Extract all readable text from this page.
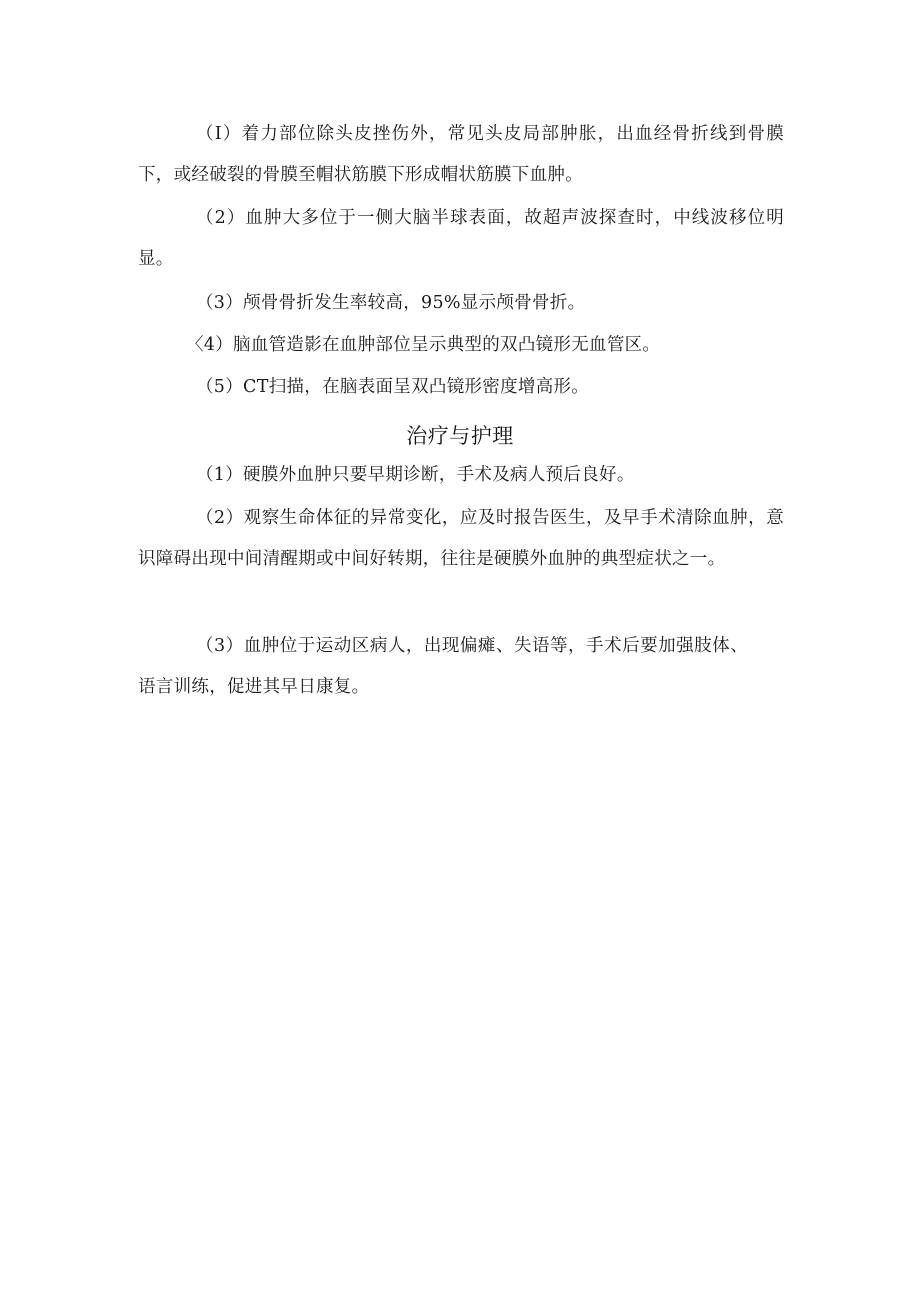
（I）着力部位除头皮挫伤外，常见头皮局部肿胀，出血经骨折线到骨膜下，或经破裂的骨膜至帽状筋膜下形成帽状筋膜下血肿。

（2）血肿大多位于一侧大脑半球表面，故超声波探查时，中线波移位明显。

（3）颅骨骨折发生率较高，95%显示颅骨骨折。

〈4）脑血管造影在血肿部位呈示典型的双凸镜形无血管区。

（5）CT扫描，在脑表面呈双凸镜形密度增高形。

治疗与护理

（1）硬膜外血肿只要早期诊断，手术及病人预后良好。

（2）观察生命体征的异常变化，应及时报告医生，及早手术清除血肿，意识障碍出现中间清醒期或中间好转期，往往是硬膜外血肿的典型症状之一。

（3）血肿位于运动区病人，出现偏瘫、失语等，手术后要加强肢体、语言训练，促进其早日康复。
